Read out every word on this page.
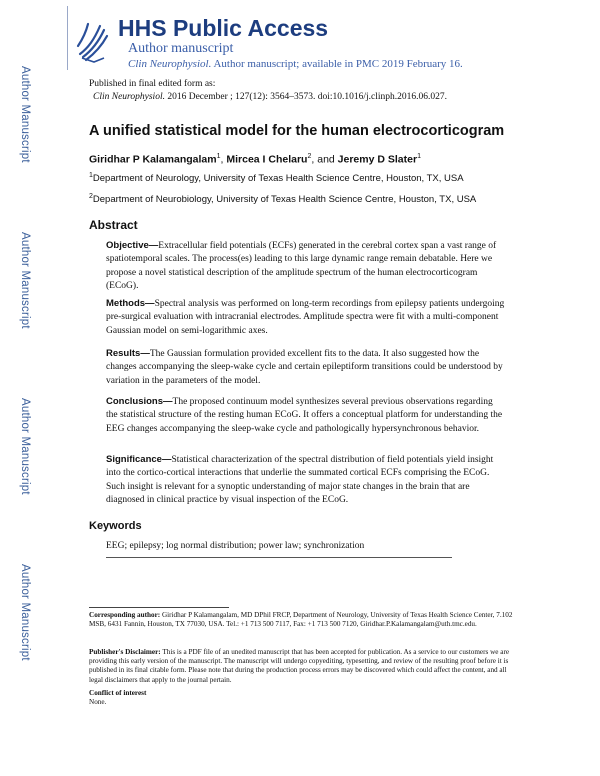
Author Manuscript
Author Manuscript
Author Manuscript
Author Manuscript
HHS Public Access
Author manuscript
Clin Neurophysiol. Author manuscript; available in PMC 2019 February 16.
Published in final edited form as:
Clin Neurophysiol. 2016 December ; 127(12): 3564–3573. doi:10.1016/j.clinph.2016.06.027.
A unified statistical model for the human electrocorticogram
Giridhar P Kalamangalam$^1$, Mircea I Chelaru$^2$, and Jeremy D Slater$^1$
$^1$Department of Neurology, University of Texas Health Science Centre, Houston, TX, USA
$^2$Department of Neurobiology, University of Texas Health Science Centre, Houston, TX, USA
Abstract
Objective—Extracellular field potentials (ECFs) generated in the cerebral cortex span a vast range of spatiotemporal scales. The process(es) leading to this large dynamic range remain debatable. Here we propose a novel statistical description of the amplitude spectrum of the human electrocorticogram (ECoG).
Methods—Spectral analysis was performed on long-term recordings from epilepsy patients undergoing pre-surgical evaluation with intracranial electrodes. Amplitude spectra were fit with a multi-component Gaussian model on semi-logarithmic axes.
Results—The Gaussian formulation provided excellent fits to the data. It also suggested how the changes accompanying the sleep-wake cycle and certain epileptiform transitions could be understood by variation in the parameters of the model.
Conclusions—The proposed continuum model synthesizes several previous observations regarding the statistical structure of the resting human ECoG. It offers a conceptual platform for understanding the EEG changes accompanying the sleep-wake cycle and pathologically hypersynchronous behavior.
Significance—Statistical characterization of the spectral distribution of field potentials yield insight into the cortico-cortical interactions that underlie the summated cortical ECFs comprising the ECoG. Such insight is relevant for a synoptic understanding of major state changes in the brain that are diagnosed in clinical practice by visual inspection of the ECoG.
Keywords
EEG; epilepsy; log normal distribution; power law; synchronization
Corresponding author: Giridhar P Kalamangalam, MD DPhil FRCP, Department of Neurology, University of Texas Health Science Center, 7.102 MSB, 6431 Fannin, Houston, TX 77030, USA. Tel.: +1 713 500 7117, Fax: +1 713 500 7120, Giridhar.P.Kalamangalam@uth.tmc.edu.
Publisher's Disclaimer: This is a PDF file of an unedited manuscript that has been accepted for publication. As a service to our customers we are providing this early version of the manuscript. The manuscript will undergo copyediting, typesetting, and review of the resulting proof before it is published in its final citable form. Please note that during the production process errors may be discovered which could affect the content, and all legal disclaimers that apply to the journal pertain.
Conflict of interest
None.
